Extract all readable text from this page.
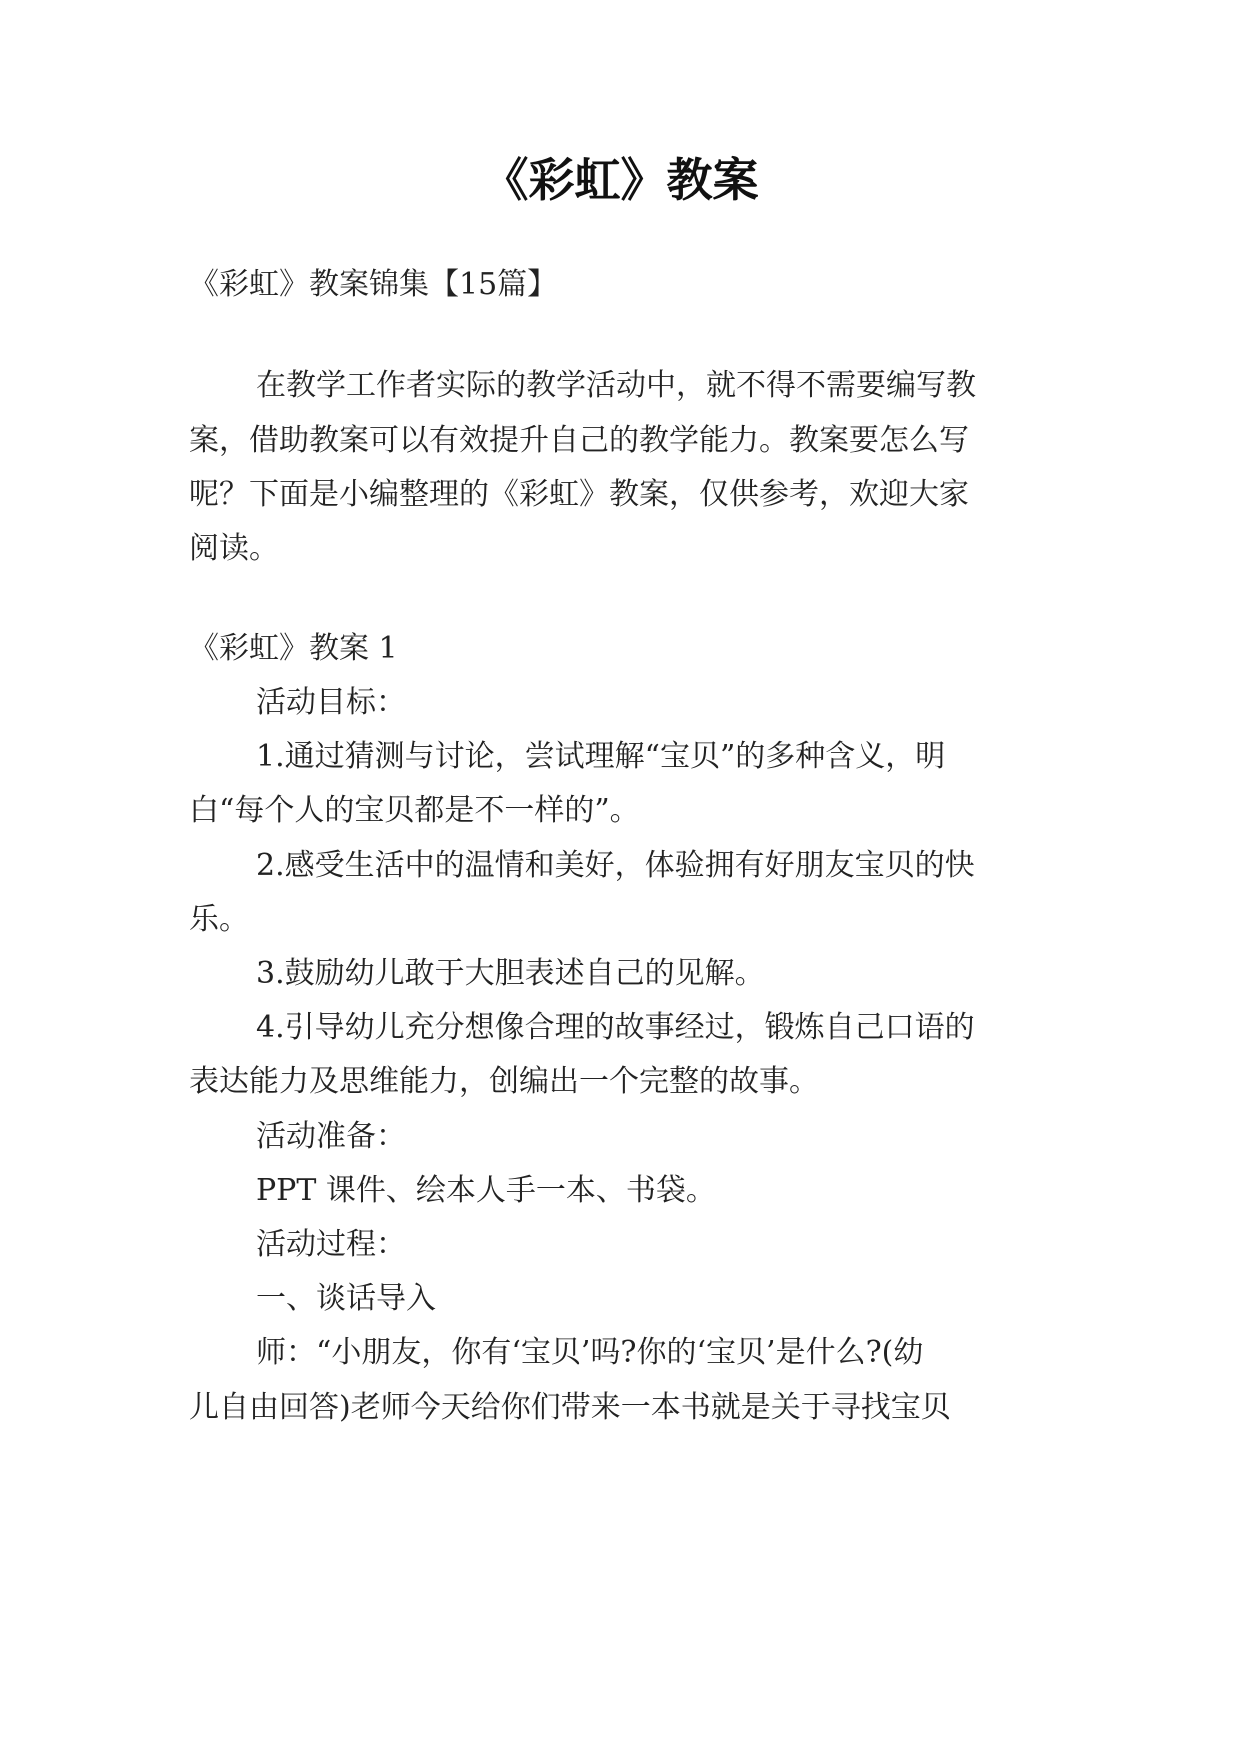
《彩虹》教案
《彩虹》教案锦集【15篇】
在教学工作者实际的教学活动中，就不得不需要编写教
案，借助教案可以有效提升自己的教学能力。教案要怎么写
呢？下面是小编整理的《彩虹》教案，仅供参考，欢迎大家
阅读。
《彩虹》教案 1
活动目标：
1.通过猜测与讨论，尝试理解“宝贝”的多种含义，明
白“每个人的宝贝都是不一样的”。
2.感受生活中的温情和美好，体验拥有好朋友宝贝的快
乐。
3.鼓励幼儿敢于大胆表述自己的见解。
4.引导幼儿充分想像合理的故事经过，锻炼自己口语的
表达能力及思维能力，创编出一个完整的故事。
活动准备：
PPT 课件、绘本人手一本、书袋。
活动过程：
一、谈话导入
师：“小朋友，你有‘宝贝’吗?你的‘宝贝’是什么?(幼
儿自由回答)老师今天给你们带来一本书就是关于寻找宝贝
